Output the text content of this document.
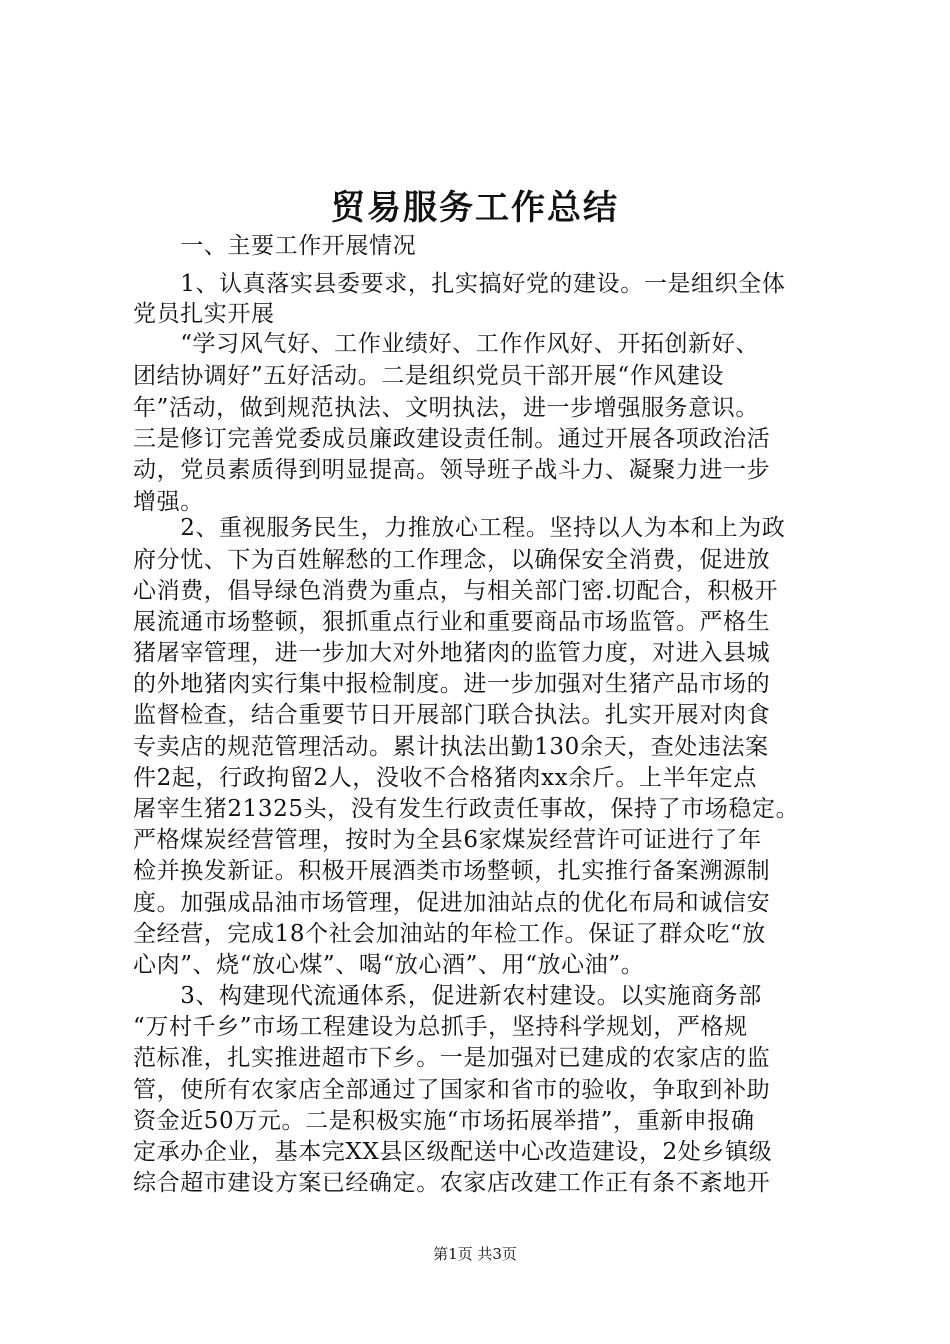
贸易服务工作总结
　　一、主要工作开展情况
　　1、认真落实县委要求，扎实搞好党的建设。一是组织全体
党员扎实开展
　　“学习风气好、工作业绩好、工作作风好、开拓创新好、
团结协调好”五好活动。二是组织党员干部开展“作风建设
年”活动，做到规范执法、文明执法，进一步增强服务意识。
三是修订完善党委成员廉政建设责任制。通过开展各项政治活
动，党员素质得到明显提高。领导班子战斗力、凝聚力进一步
增强。
　　2、重视服务民生，力推放心工程。坚持以人为本和上为政
府分忧、下为百姓解愁的工作理念，以确保安全消费，促进放
心消费，倡导绿色消费为重点，与相关部门密.切配合，积极开
展流通市场整顿，狠抓重点行业和重要商品市场监管。严格生
猪屠宰管理，进一步加大对外地猪肉的监管力度，对进入县城
的外地猪肉实行集中报检制度。进一步加强对生猪产品市场的
监督检查，结合重要节日开展部门联合执法。扎实开展对肉食
专卖店的规范管理活动。累计执法出勤130余天，查处违法案
件2起，行政拘留2人，没收不合格猪肉xx余斤。上半年定点
屠宰生猪21325头，没有发生行政责任事故，保持了市场稳定。
严格煤炭经营管理，按时为全县6家煤炭经营许可证进行了年
检并换发新证。积极开展酒类市场整顿，扎实推行备案溯源制
度。加强成品油市场管理，促进加油站点的优化布局和诚信安
全经营，完成18个社会加油站的年检工作。保证了群众吃“放
心肉”、烧“放心煤”、喝“放心酒”、用“放心油”。
　　3、构建现代流通体系，促进新农村建设。以实施商务部
“万村千乡”市场工程建设为总抓手，坚持科学规划，严格规
范标准，扎实推进超市下乡。一是加强对已建成的农家店的监
管，使所有农家店全部通过了国家和省市的验收，争取到补助
资金近50万元。二是积极实施“市场拓展举措”，重新申报确
定承办企业，基本完XX县区级配送中心改造建设，2处乡镇级
综合超市建设方案已经确定。农家店改建工作正有条不紊地开
第1页 共3页
